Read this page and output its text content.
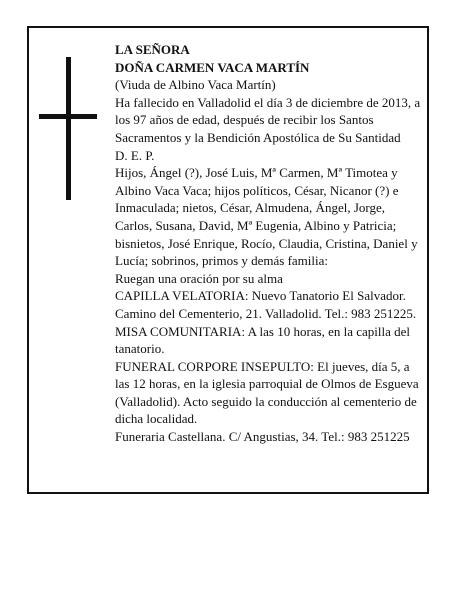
LA SEÑORA

DOÑA CARMEN VACA MARTÍN

(Viuda de Albino Vaca Martín)

Ha fallecido en Valladolid el día 3 de diciembre de 2013, a los 97 años de edad, después de recibir los Santos Sacramentos y la Bendición Apostólica de Su Santidad

D. E. P.

Hijos, Ángel (?), José Luis, Mª Carmen, Mª Timotea y Albino Vaca Vaca; hijos políticos, César, Nicanor (?) e Inmaculada; nietos, César, Almudena, Ángel, Jorge, Carlos, Susana, David, Mª Eugenia, Albino y Patricia; bisnietos, José Enrique, Rocío, Claudia, Cristina, Daniel y Lucía; sobrinos, primos y demás familia:

Ruegan una oración por su alma

CAPILLA VELATORIA: Nuevo Tanatorio El Salvador. Camino del Cementerio, 21. Valladolid. Tel.: 983 251225.

MISA COMUNITARIA: A las 10 horas, en la capilla del tanatorio.

FUNERAL CORPORE INSEPULTO: El jueves, día 5, a las 12 horas, en la iglesia parroquial de Olmos de Esgueva (Valladolid). Acto seguido la conducción al cementerio de dicha localidad.

Funeraria Castellana. C/ Angustias, 34. Tel.: 983 251225
